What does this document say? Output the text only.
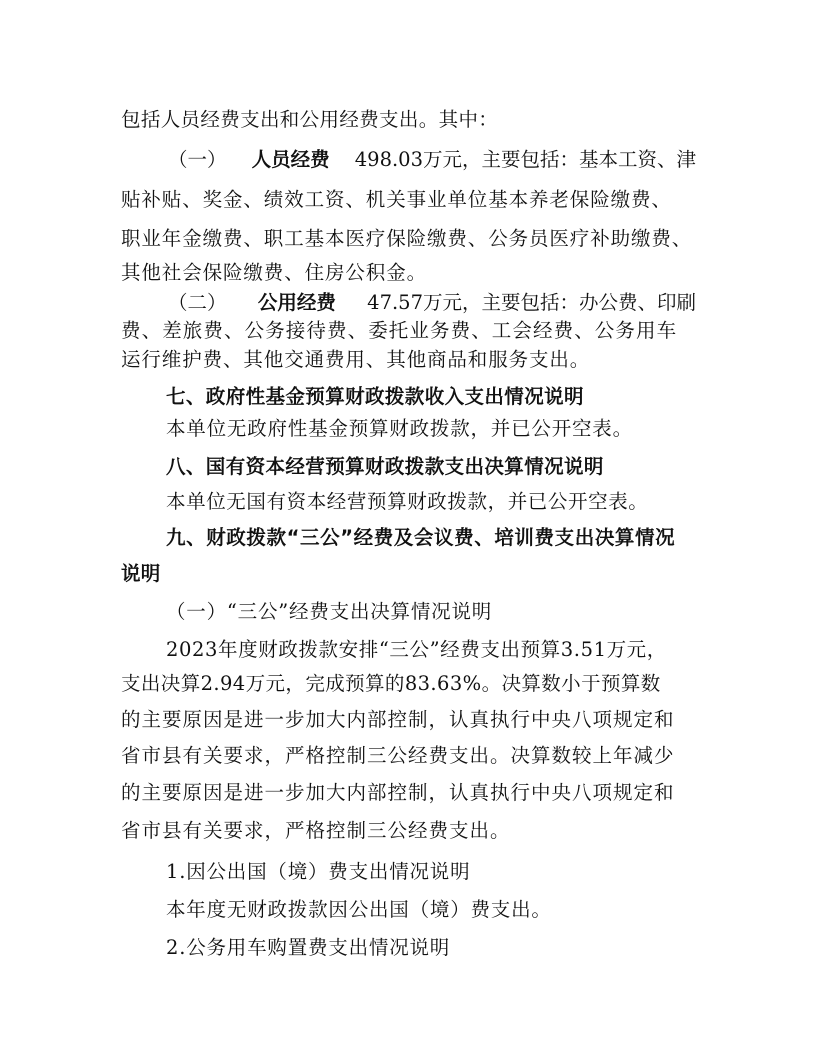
包括人员经费支出和公用经费支出。其中：
（一） 人员经费 498.03万元，主要包括：基本工资、津
贴补贴、奖金、绩效工资、机关事业单位基本养老保险缴费、
职业年金缴费、职工基本医疗保险缴费、公务员医疗补助缴费、
其他社会保险缴费、住房公积金。
（二） 公用经费 47.57万元，主要包括：办公费、印刷
费、差旅费、公务接待费、委托业务费、工会经费、公务用车
运行维护费、其他交通费用、其他商品和服务支出。
七、政府性基金预算财政拨款收入支出情况说明
本单位无政府性基金预算财政拨款，并已公开空表。
八、国有资本经营预算财政拨款支出决算情况说明
本单位无国有资本经营预算财政拨款，并已公开空表。
九、财政拨款“三公”经费及会议费、培训费支出决算情况
说明
（一）“三公”经费支出决算情况说明
2023年度财政拨款安排“三公”经费支出预算3.51万元，
支出决算2.94万元，完成预算的83.63%。决算数小于预算数
的主要原因是进一步加大内部控制，认真执行中央八项规定和
省市县有关要求，严格控制三公经费支出。决算数较上年减少
的主要原因是进一步加大内部控制，认真执行中央八项规定和
省市县有关要求，严格控制三公经费支出。
1.因公出国（境）费支出情况说明
本年度无财政拨款因公出国（境）费支出。
2.公务用车购置费支出情况说明
